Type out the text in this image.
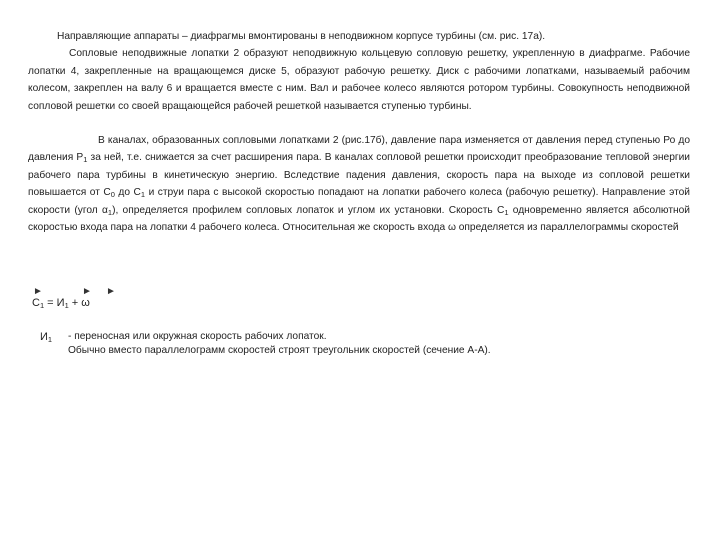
Направляющие аппараты – диафрагмы вмонтированы в неподвижном корпусе турбины (см. рис. 17а).
Сопловые неподвижные лопатки 2 образуют неподвижную кольцевую сопловую решетку, укрепленную в диафрагме. Рабочие лопатки 4, закрепленные на вращающемся диске 5, образуют рабочую решетку. Диск с рабочими лопатками, называемый рабочим колесом, закреплен на валу 6 и вращается вместе с ним. Вал и рабочее колесо являются ротором турбины. Совокупность неподвижной сопловой решетки со своей вращающейся рабочей решеткой называется ступенью турбины.
В каналах, образованных сопловыми лопатками 2 (рис.17б), давление пара изменяется от давления перед ступенью Ро до давления $Р_1$ за ней, т.е. снижается за счет расширения пара. В каналах сопловой решетки происходит преобразование тепловой энергии рабочего пара турбины в кинетическую энергию. Вследствие падения давления, скорость пара на выходе из сопловой решетки повышается от $С_0$ до $С_1$ и струи пара с высокой скоростью попадают на лопатки рабочего колеса (рабочую решетку). Направление этой скорости (угол $\alpha_1$), определяется профилем сопловых лопаток и углом их установки. Скорость $С_1$ одновременно является абсолютной скоростью входа пара на лопатки 4 рабочего колеса. Относительная же скорость входа ω определяется из параллелограммы скоростей
►	► ►
$С_1 = И_1 + \omega$
$И_1$ - переносная или окружная скорость рабочих лопаток.
Обычно вместо параллелограмм скоростей строят треугольник скоростей (сечение А-А).
